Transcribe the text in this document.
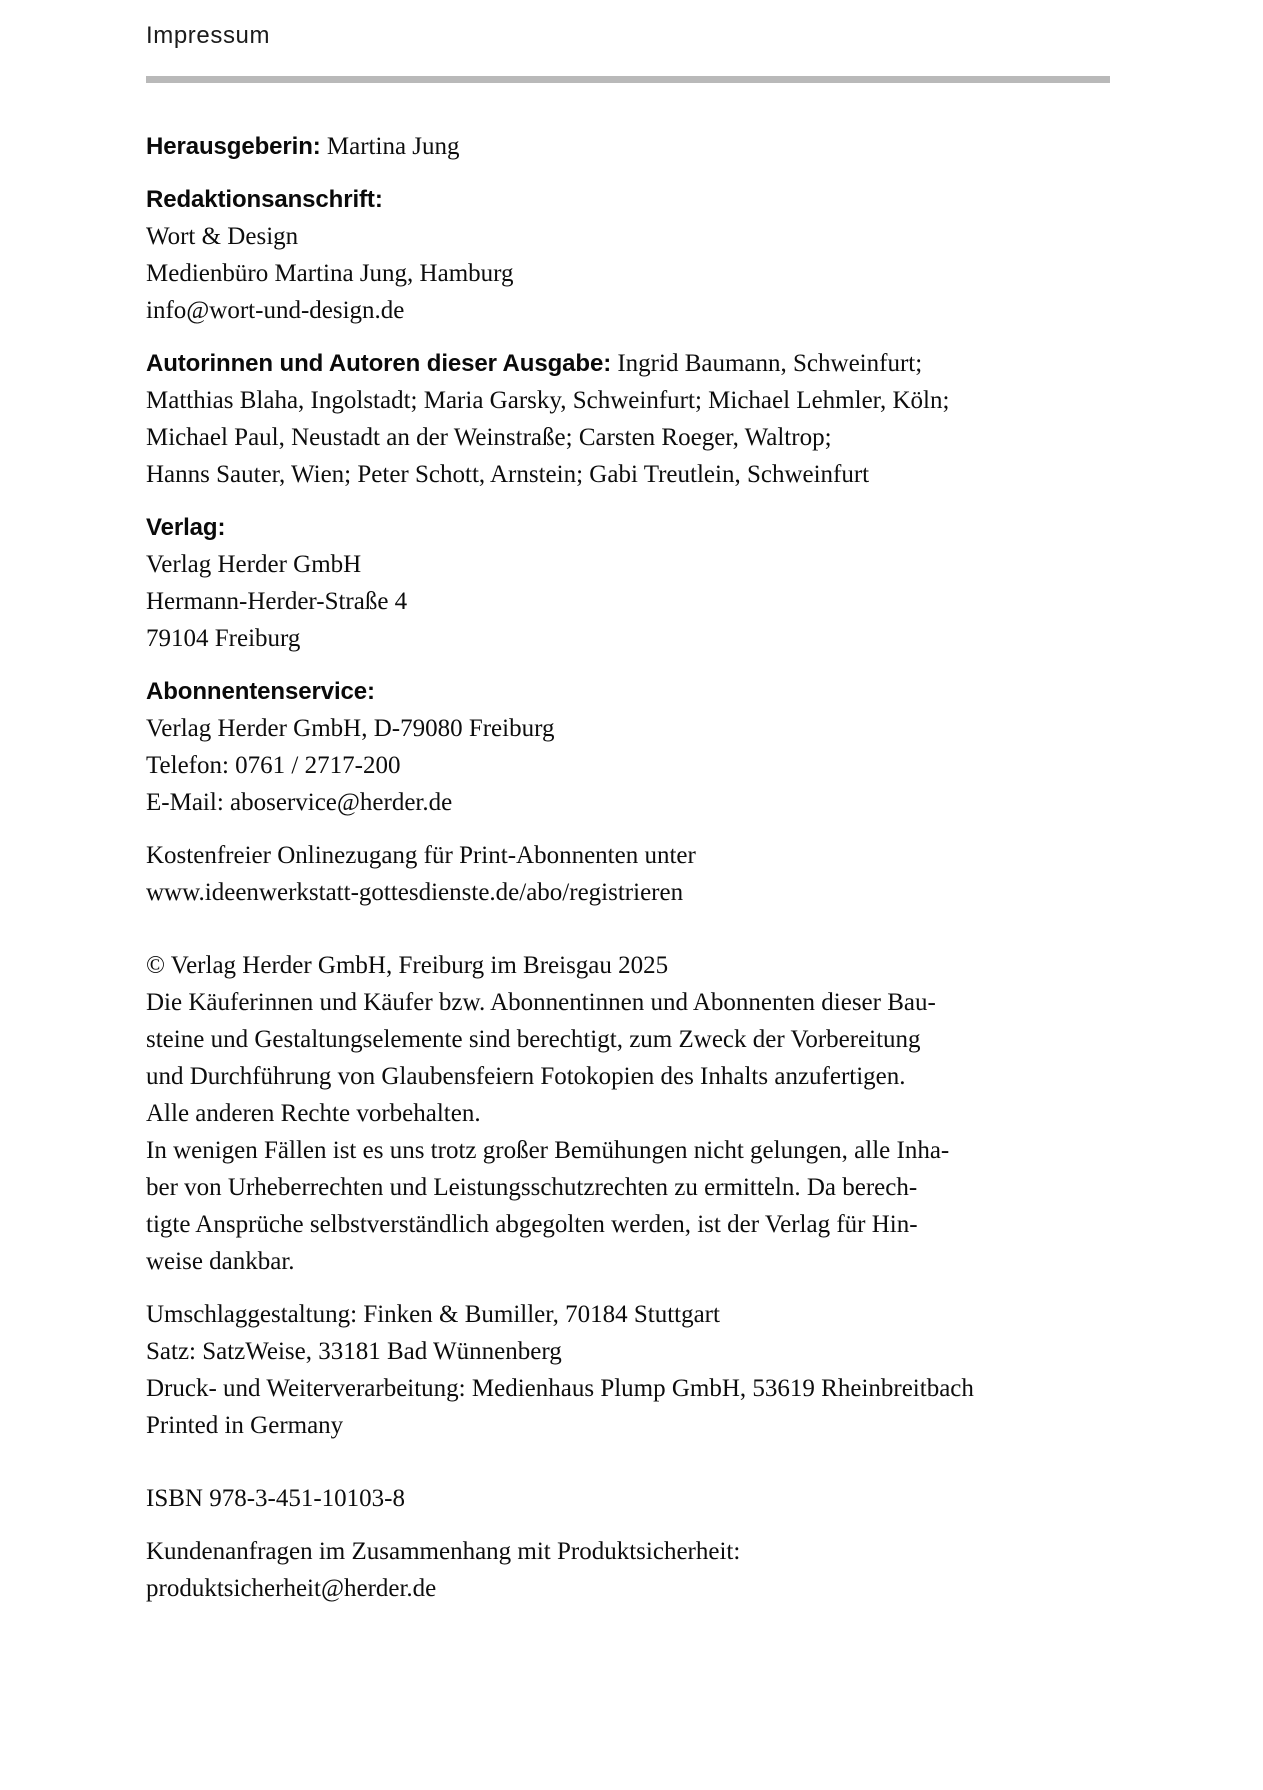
Impressum

Herausgeberin: Martina Jung

Redaktionsanschrift:
Wort & Design
Medienbüro Martina Jung, Hamburg
info@wort-und-design.de

Autorinnen und Autoren dieser Ausgabe: Ingrid Baumann, Schweinfurt;
Matthias Blaha, Ingolstadt; Maria Garsky, Schweinfurt; Michael Lehmler, Köln;
Michael Paul, Neustadt an der Weinstraße; Carsten Roeger, Waltrop;
Hanns Sauter, Wien; Peter Schott, Arnstein; Gabi Treutlein, Schweinfurt

Verlag:
Verlag Herder GmbH
Hermann-Herder-Straße 4
79104 Freiburg

Abonnentenservice:
Verlag Herder GmbH, D-79080 Freiburg
Telefon: 0761 / 2717-200
E-Mail: aboservice@herder.de

Kostenfreier Onlinezugang für Print-Abonnenten unter
www.ideenwerkstatt-gottesdienste.de/abo/registrieren

© Verlag Herder GmbH, Freiburg im Breisgau 2025
Die Käuferinnen und Käufer bzw. Abonnentinnen und Abonnenten dieser Bau-
steine und Gestaltungselemente sind berechtigt, zum Zweck der Vorbereitung
und Durchführung von Glaubensfeiern Fotokopien des Inhalts anzufertigen.
Alle anderen Rechte vorbehalten.
In wenigen Fällen ist es uns trotz großer Bemühungen nicht gelungen, alle Inha-
ber von Urheberrechten und Leistungsschutzrechten zu ermitteln. Da berech-
tigte Ansprüche selbstverständlich abgegolten werden, ist der Verlag für Hin-
weise dankbar.

Umschlaggestaltung: Finken & Bumiller, 70184 Stuttgart
Satz: SatzWeise, 33181 Bad Wünnenberg
Druck- und Weiterverarbeitung: Medienhaus Plump GmbH, 53619 Rheinbreitbach
Printed in Germany

ISBN 978-3-451-10103-8

Kundenanfragen im Zusammenhang mit Produktsicherheit:
produktsicherheit@herder.de
